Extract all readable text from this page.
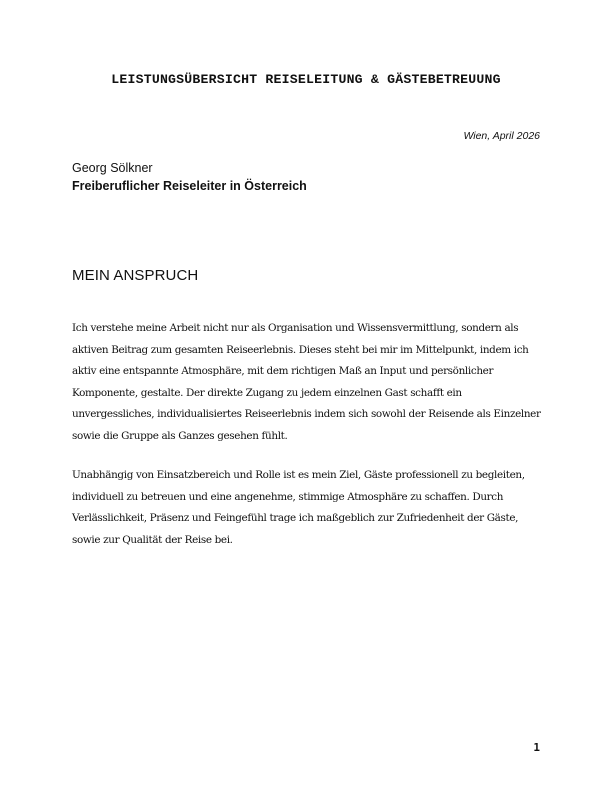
LEISTUNGSÜBERSICHT REISELEITUNG & GÄSTEBETREUUNG
Wien, April 2026
Georg Sölkner
Freiberuflicher Reiseleiter in Österreich
MEIN ANSPRUCH

Ich verstehe meine Arbeit nicht nur als Organisation und Wissensvermittlung, sondern als aktiven Beitrag zum gesamten Reiseerlebnis. Dieses steht bei mir im Mittelpunkt, indem ich aktiv eine entspannte Atmosphäre, mit dem richtigen Maß an Input und persönlicher Komponente, gestalte. Der direkte Zugang zu jedem einzelnen Gast schafft ein unvergessliches, individualisiertes Reiseerlebnis indem sich sowohl der Reisende als Einzelner sowie die Gruppe als Ganzes gesehen fühlt.

Unabhängig von Einsatzbereich und Rolle ist es mein Ziel, Gäste professionell zu begleiten, individuell zu betreuen und eine angenehme, stimmige Atmosphäre zu schaffen. Durch Verlässlichkeit, Präsenz und Feingefühl trage ich maßgeblich zur Zufriedenheit der Gäste, sowie zur Qualität der Reise bei.

1
